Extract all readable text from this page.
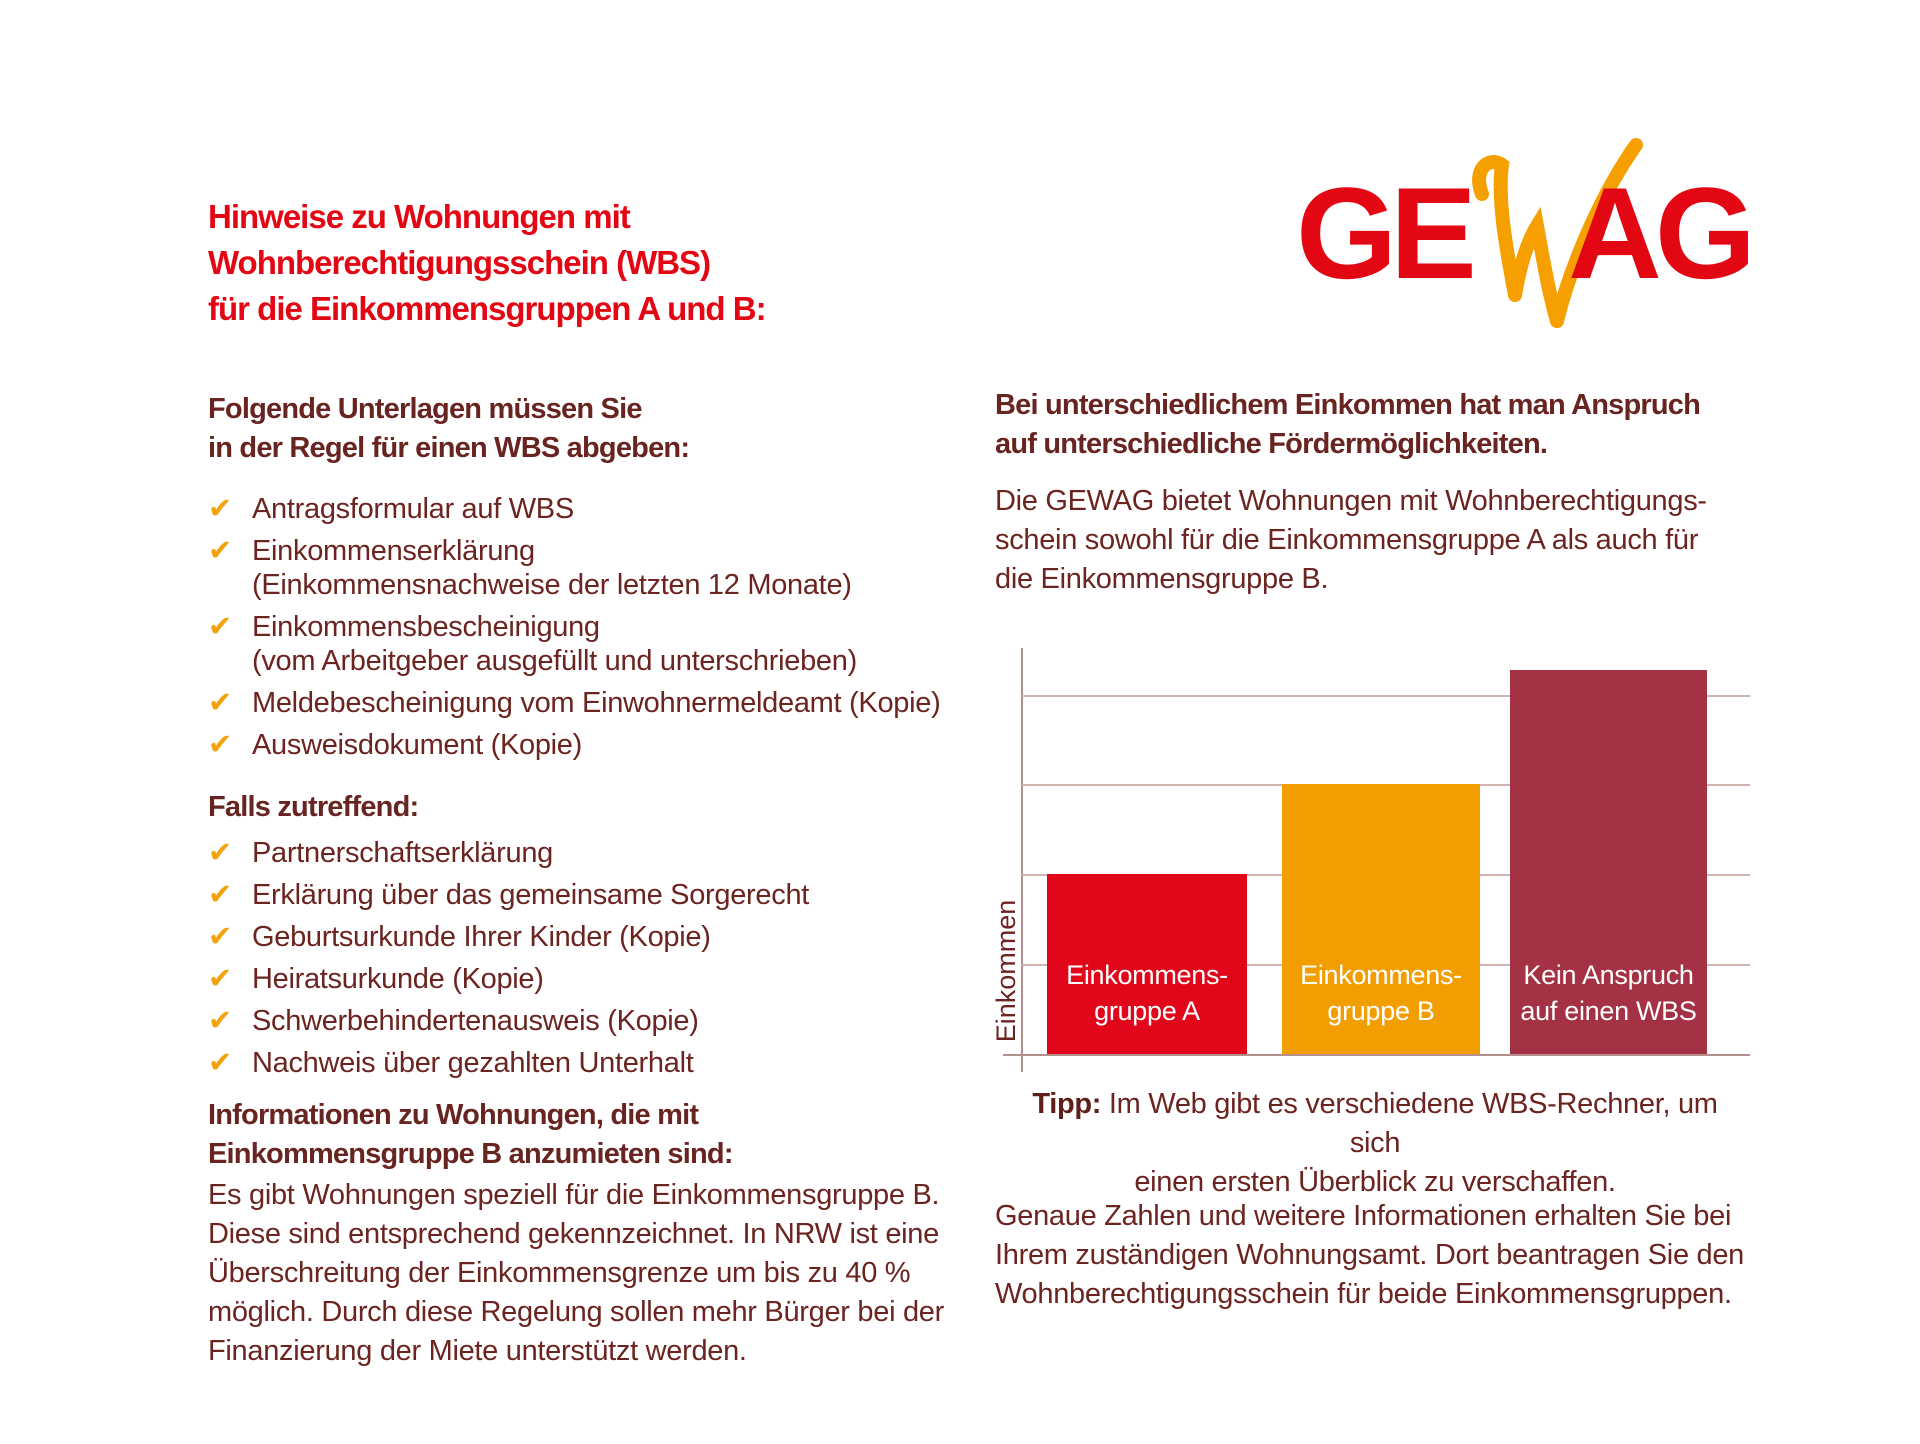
Hinweise zu Wohnungen mit
Wohnberechtigungsschein (WBS)
für die Einkommensgruppen A und B:
Folgende Unterlagen müssen Sie
in der Regel für einen WBS abgeben:
✔ Antragsformular auf WBS
✔ Einkommenserklärung
(Einkommensnachweise der letzten 12 Monate)
✔ Einkommensbescheinigung
(vom Arbeitgeber ausgefüllt und unterschrieben)
✔ Meldebescheinigung vom Einwohnermeldeamt (Kopie)
✔ Ausweisdokument (Kopie)
Falls zutreffend:
✔ Partnerschaftserklärung
✔ Erklärung über das gemeinsame Sorgerecht
✔ Geburtsurkunde Ihrer Kinder (Kopie)
✔ Heiratsurkunde (Kopie)
✔ Schwerbehindertenausweis (Kopie)
✔ Nachweis über gezahlten Unterhalt
Informationen zu Wohnungen, die mit
Einkommensgruppe B anzumieten sind:
Es gibt Wohnungen speziell für die Einkommensgruppe B.
Diese sind entsprechend gekennzeichnet. In NRW ist eine
Überschreitung der Einkommensgrenze um bis zu 40 %
möglich. Durch diese Regelung sollen mehr Bürger bei der
Finanzierung der Miete unterstützt werden.
GE AG
Bei unterschiedlichem Einkommen hat man Anspruch
auf unterschiedliche Fördermöglichkeiten.
Die GEWAG bietet Wohnungen mit Wohnberechtigungs-
schein sowohl für die Einkommensgruppe A als auch für
die Einkommensgruppe B.
Einkommen	Einkommens-
gruppe A
Einkommens-
gruppe B
Kein Anspruch
auf einen WBS
Tipp: Im Web gibt es verschiedene WBS-Rechner, um sich
einen ersten Überblick zu verschaffen.
Genaue Zahlen und weitere Informationen erhalten Sie bei
Ihrem zuständigen Wohnungsamt. Dort beantragen Sie den
Wohnberechtigungsschein für beide Einkommensgruppen.
